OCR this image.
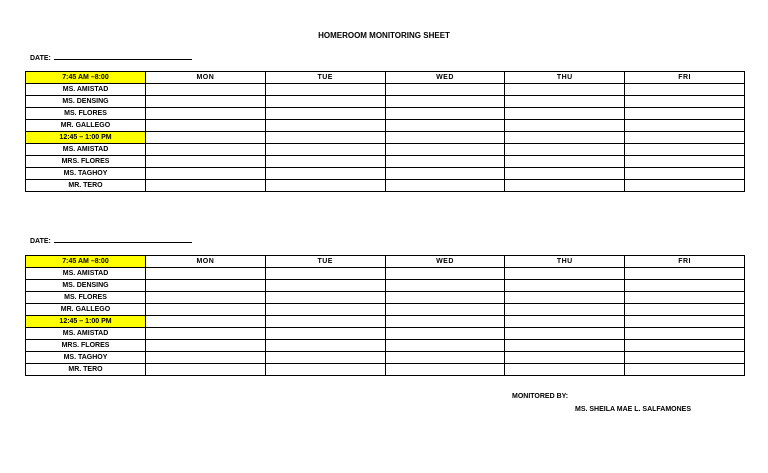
HOMEROOM MONITORING SHEET
DATE:
7:45 AM –8:00	MON	TUE	WED	THU	FRI
MS. AMISTAD					
MS. DENSING					
MS. FLORES					
MR. GALLEGO					
12:45 – 1:00 PM					
MS. AMISTAD					
MRS. FLORES					
MS. TAGHOY					
MR. TERO					
DATE:
7:45 AM –8:00	MON	TUE	WED	THU	FRI
MS. AMISTAD					
MS. DENSING					
MS. FLORES					
MR. GALLEGO					
12:45 – 1:00 PM					
MS. AMISTAD					
MRS. FLORES					
MS. TAGHOY					
MR. TERO					
MONITORED BY:
MS. SHEILA MAE L. SALFAMONES
